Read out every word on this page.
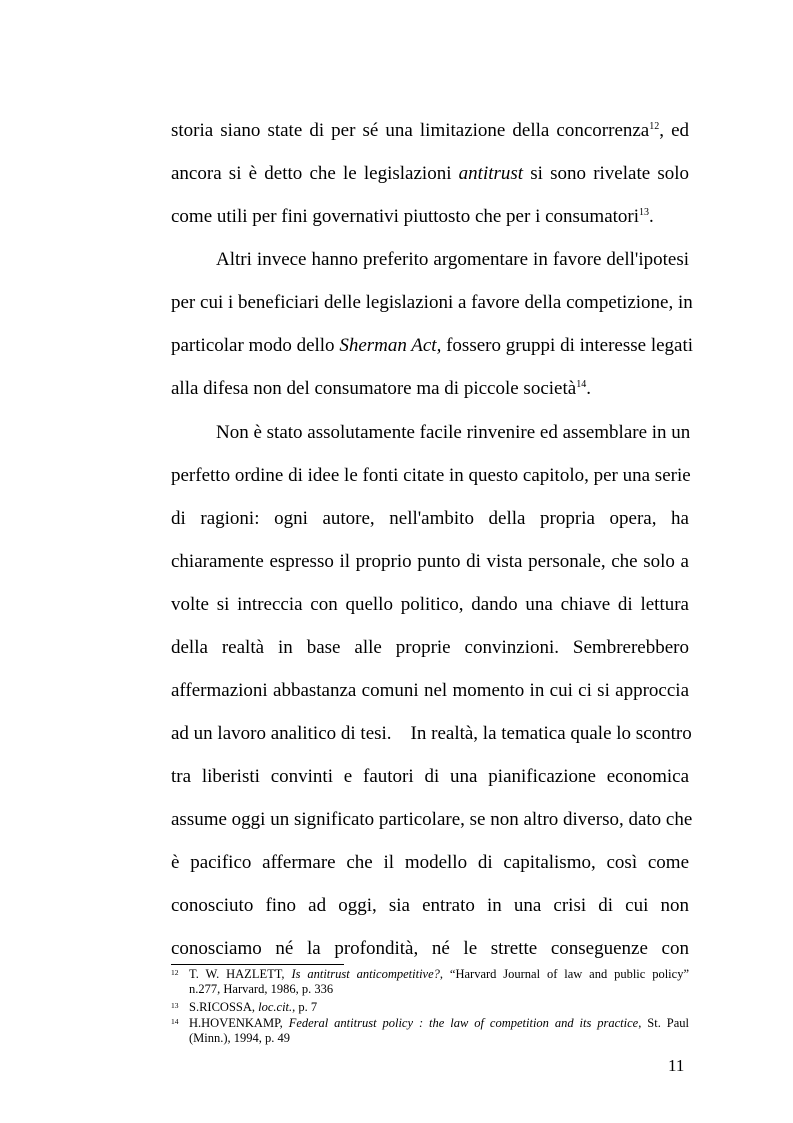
storia siano state di per sé una limitazione della concorrenza$^{12}$, ed
ancora si è detto che le legislazioni antitrust si sono rivelate solo
come utili per fini governativi piuttosto che per i consumatori$^{13}$.
Altri invece hanno preferito argomentare in favore dell'ipotesi
per cui i beneficiari delle legislazioni a favore della competizione, in
particolar modo dello Sherman Act, fossero gruppi di interesse legati
alla difesa non del consumatore ma di piccole società$^{14}$.
Non è stato assolutamente facile rinvenire ed assemblare in un
perfetto ordine di idee le fonti citate in questo capitolo, per una serie
di ragioni: ogni autore, nell'ambito della propria opera, ha
chiaramente espresso il proprio punto di vista personale, che solo a
volte si intreccia con quello politico, dando una chiave di lettura
della realtà in base alle proprie convinzioni. Sembrerebbero
affermazioni abbastanza comuni nel momento in cui ci si approccia
ad un lavoro analitico di tesi.    In realtà, la tematica quale lo scontro
tra liberisti convinti e fautori di una pianificazione economica
assume oggi un significato particolare, se non altro diverso, dato che
è pacifico affermare che il modello di capitalismo, così come
conosciuto fino ad oggi, sia entrato in una crisi di cui non
conosciamo né la profondità, né le strette conseguenze con
12 T. W. HAZLETT, Is antitrust anticompetitive?, “Harvard Journal of law and public policy”
n.277, Harvard, 1986, p. 336
13 S.RICOSSA, loc.cit., p. 7
14 H.HOVENKAMP, Federal antitrust policy : the law of competition and its practice, St. Paul
(Minn.), 1994, p. 49
11
